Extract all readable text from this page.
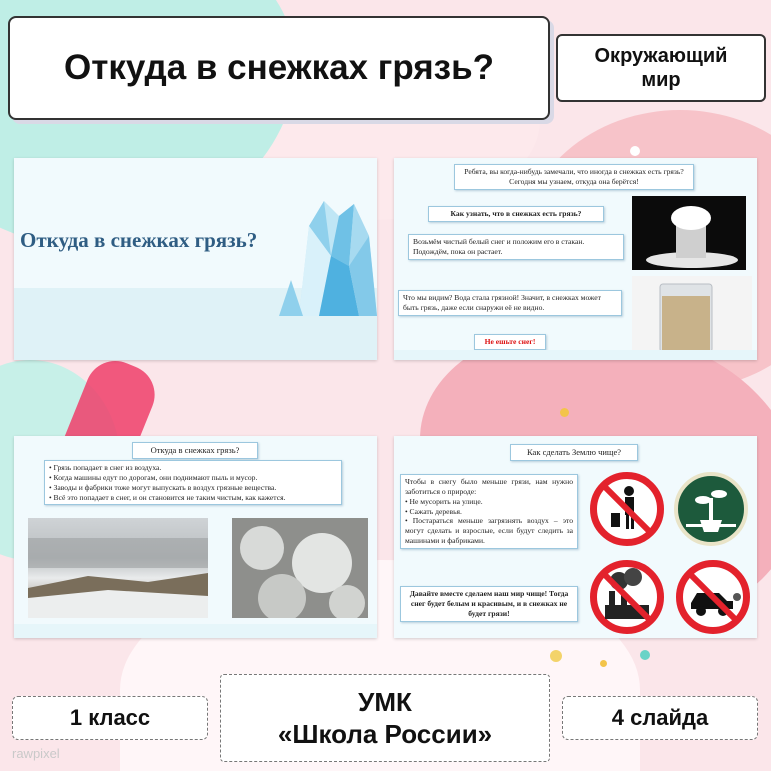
Откуда в снежках грязь?	Окружающий мир
Откуда в снежках грязь?
Ребята, вы когда-нибудь замечали, что иногда в снежках есть грязь? Сегодня мы узнаем, откуда она берётся!
Как узнать, что в снежках есть грязь?
Возьмём чистый белый снег и положим его в стакан. Подождём, пока он растает.
Что мы видим? Вода стала грязной! Значит, в снежках может быть грязь, даже если снаружи её не видно.
Не ешьте снег!
Откуда в снежках грязь?
• Грязь попадает в снег из воздуха.
• Когда машины едут по дорогам, они поднимают пыль и мусор.
• Заводы и фабрики тоже могут выпускать в воздух грязные вещества.
• Всё это попадает в снег, и он становится не таким чистым, как кажется.
Как сделать Землю чище?
Чтобы в снегу было меньше грязи, нам нужно заботиться о природе:
• Не мусорить на улице.
• Сажать деревья.
• Постараться меньше загрязнять воздух – это могут сделать и взрослые, если будут следить за машинами и фабриками.
Давайте вместе сделаем наш мир чище! Тогда снег будет белым и красивым, и в снежках не будет грязи!
1 класс
УМК
«Школа России»
4 слайда
rawpixel
